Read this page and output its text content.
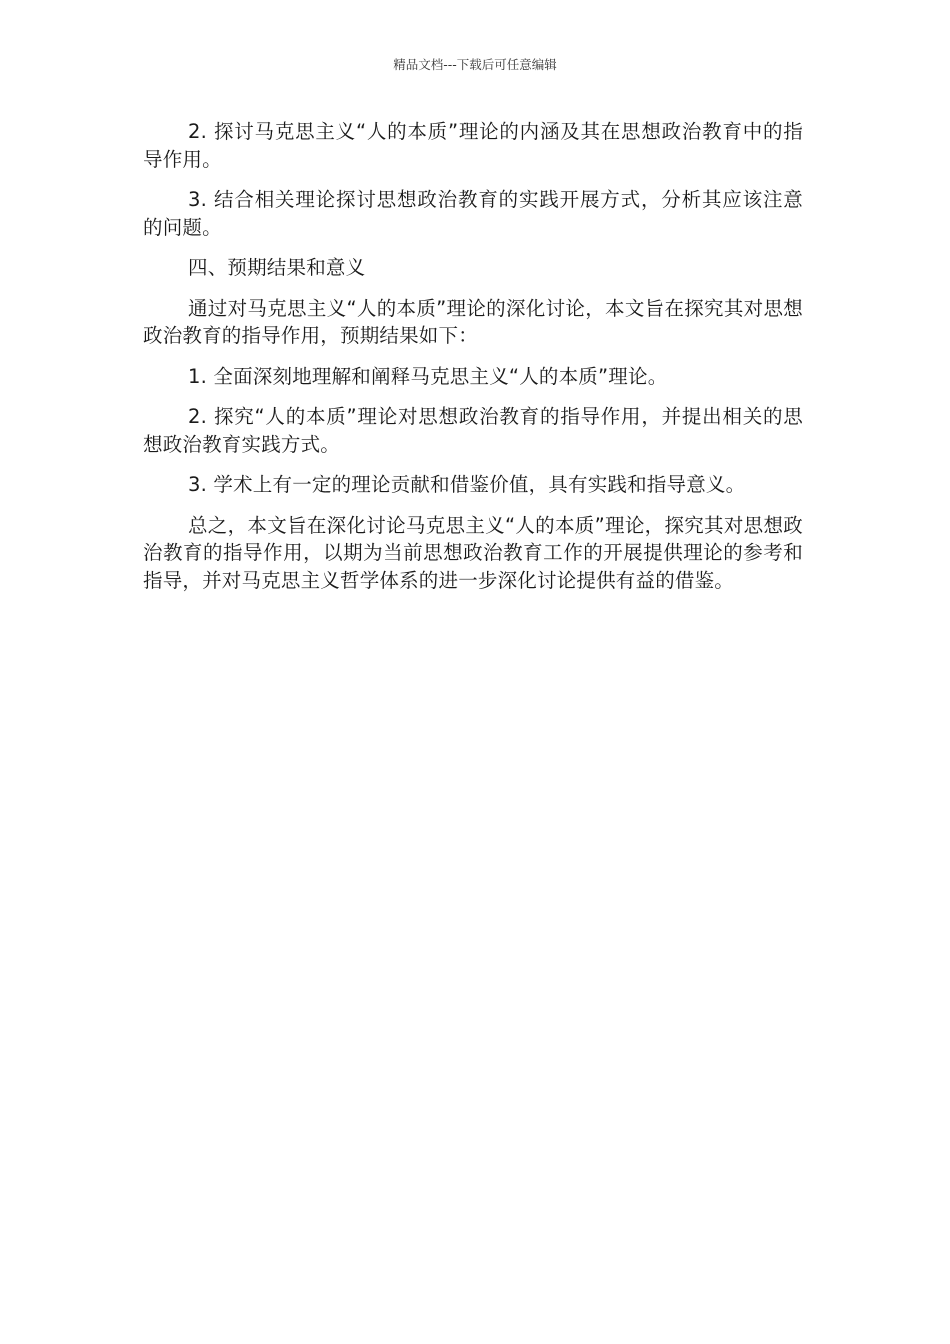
精品文档---下载后可任意编辑

2. 探讨马克思主义“人的本质”理论的内涵及其在思想政治教育中的指导作用。

3. 结合相关理论探讨思想政治教育的实践开展方式，分析其应该注意的问题。

四、预期结果和意义

通过对马克思主义“人的本质”理论的深化讨论，本文旨在探究其对思想政治教育的指导作用，预期结果如下：

1. 全面深刻地理解和阐释马克思主义“人的本质”理论。

2. 探究“人的本质”理论对思想政治教育的指导作用，并提出相关的思想政治教育实践方式。

3. 学术上有一定的理论贡献和借鉴价值，具有实践和指导意义。

总之，本文旨在深化讨论马克思主义“人的本质”理论，探究其对思想政治教育的指导作用，以期为当前思想政治教育工作的开展提供理论的参考和指导，并对马克思主义哲学体系的进一步深化讨论提供有益的借鉴。
